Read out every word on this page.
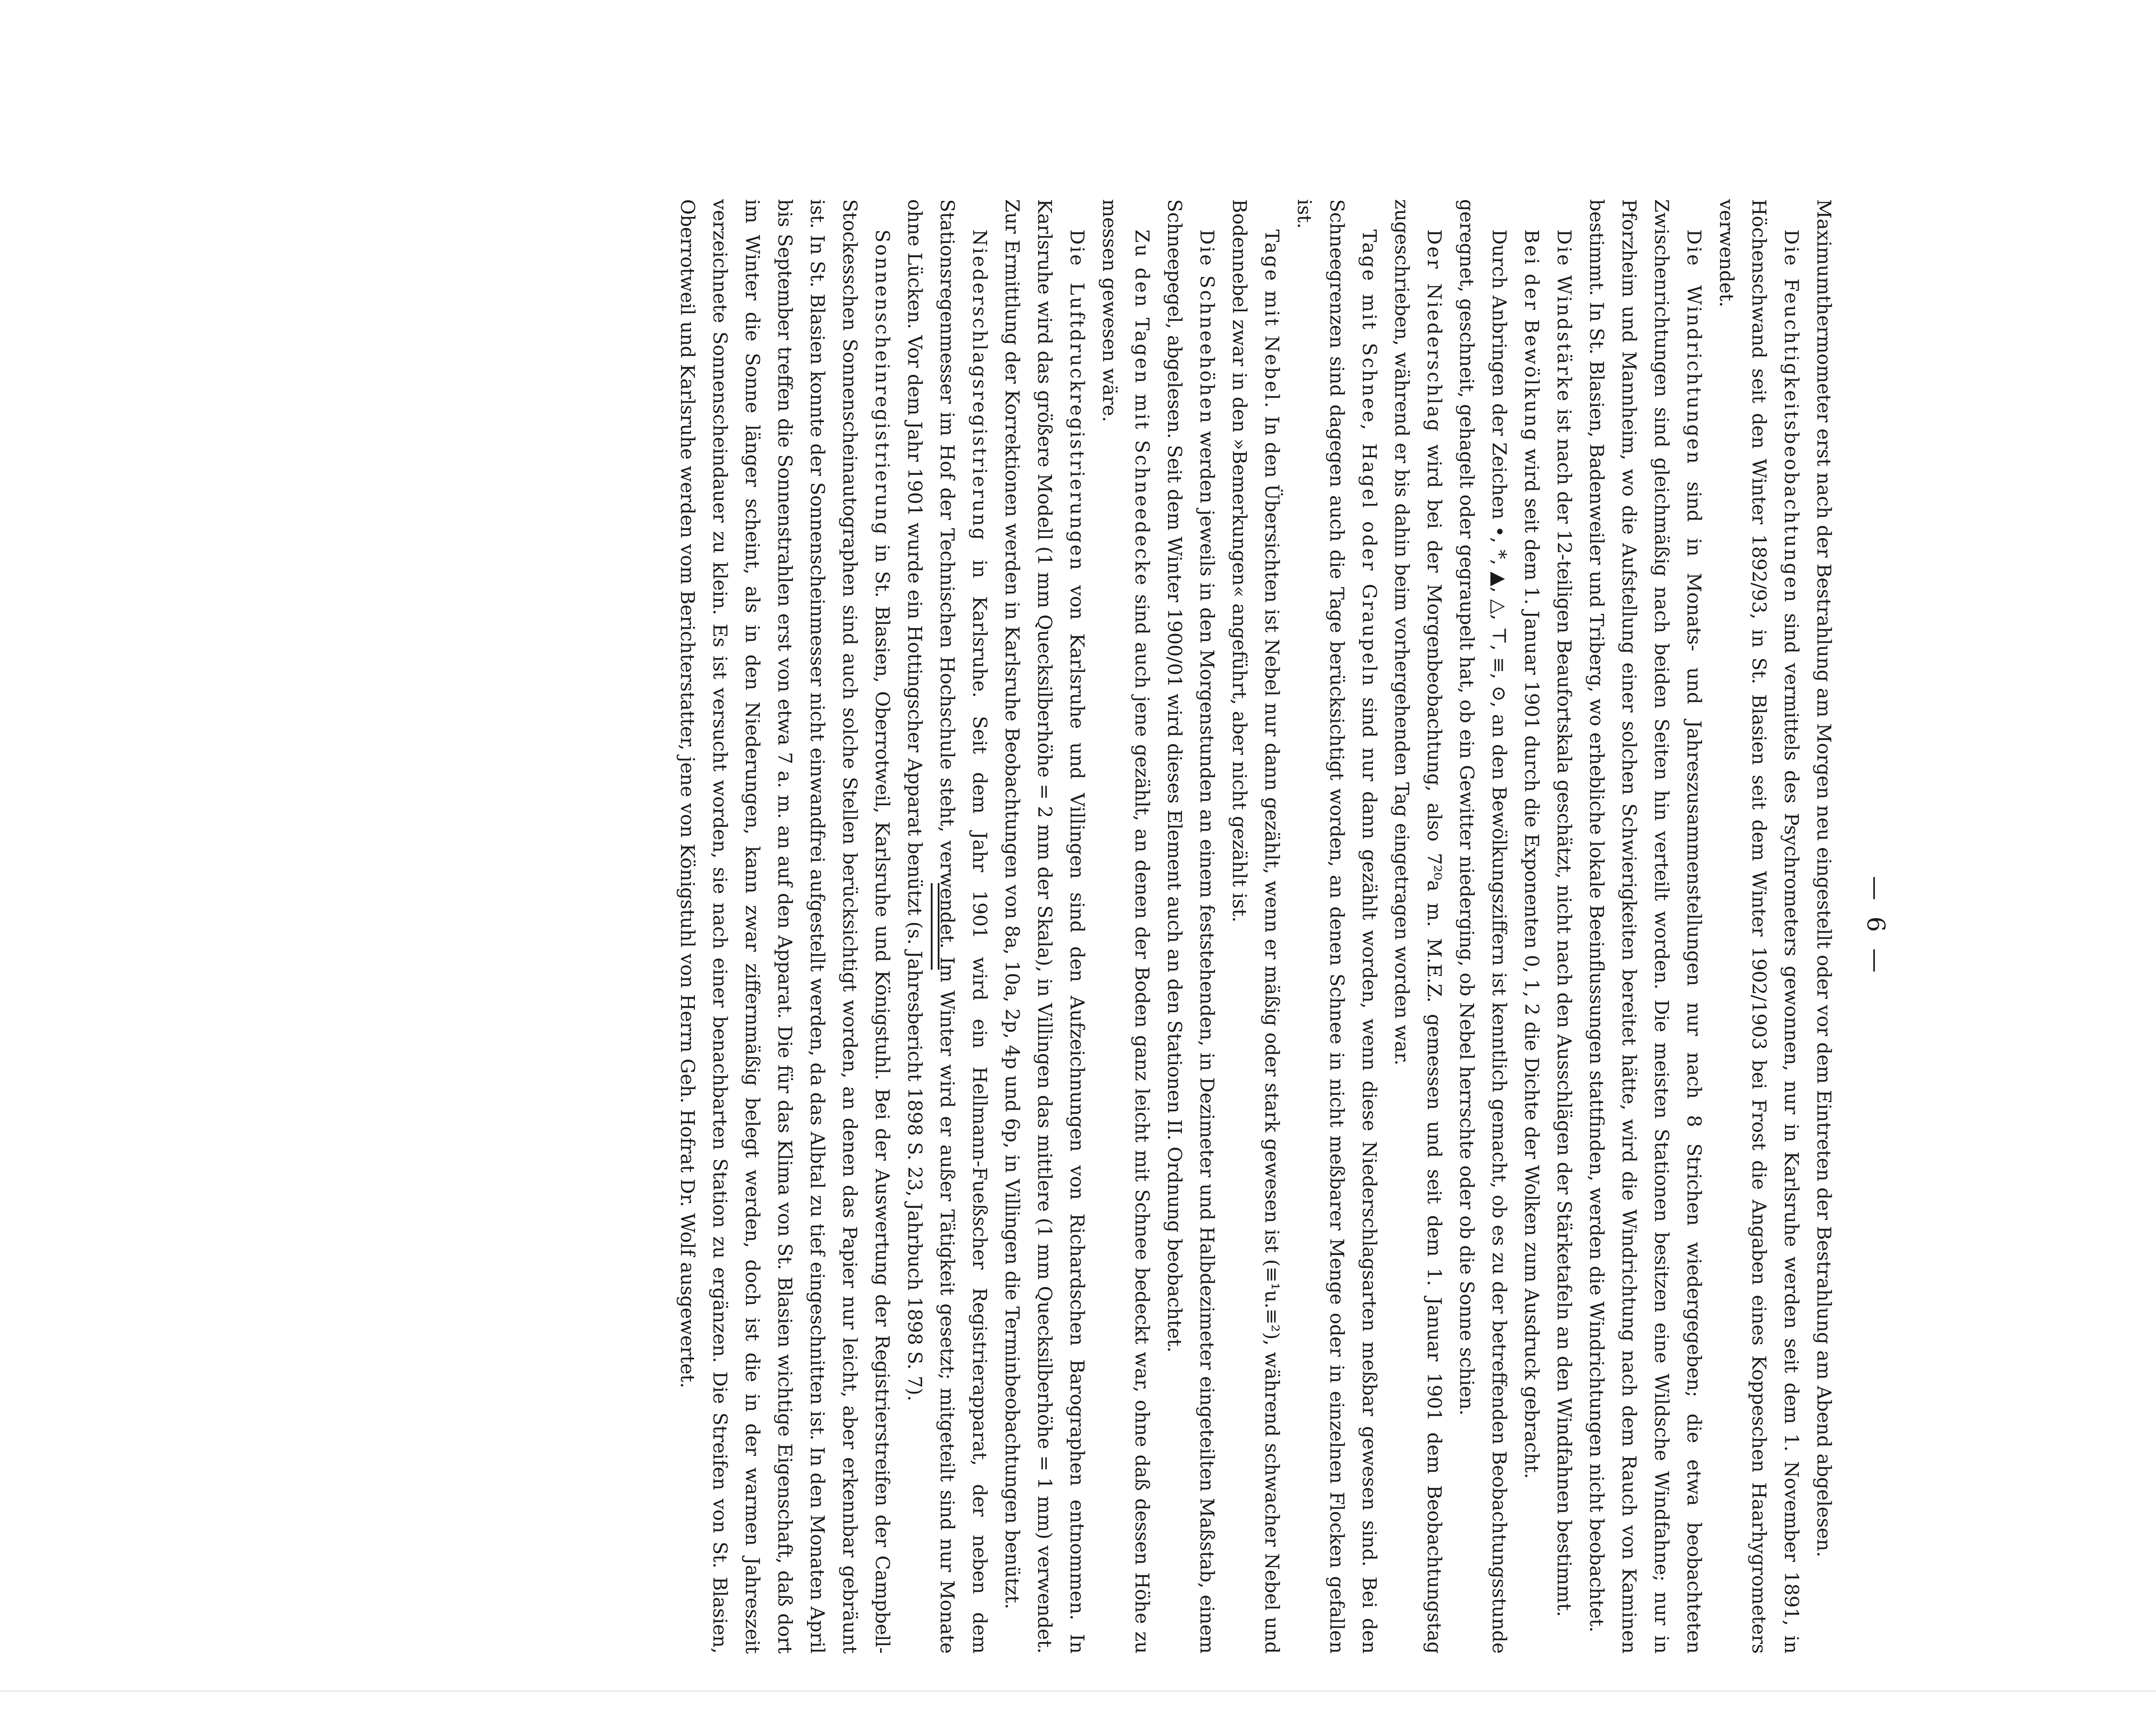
— 6 —

Maximumthermometer erst nach der Bestrahlung am Morgen neu eingestellt oder vor dem Eintreten der Bestrahlung am Abend abgelesen.

Die Feuchtigkeitsbeobachtungen sind vermittels des Psychrometers gewonnen, nur in Karlsruhe werden seit dem 1. November 1891, in Höchenschwand seit den Winter 1892/93, in St. Blasien seit dem Winter 1902/1903 bei Frost die Angaben eines Koppeschen Haarhygrometers verwendet.

Die Windrichtungen sind in Monats- und Jahreszusammenstellungen nur nach 8 Strichen wiedergegeben; die etwa beobachteten Zwischenrichtungen sind gleichmäßig nach beiden Seiten hin verteilt worden. Die meisten Stationen besitzen eine Wildsche Windfahne; nur in Pforzheim und Mannheim, wo die Aufstellung einer solchen Schwierigkeiten bereitet hätte, wird die Windrichtung nach dem Rauch von Kaminen bestimmt. In St. Blasien, Badenweiler und Triberg, wo erhebliche lokale Beeinflussungen stattfinden, werden die Windrichtungen nicht beobachtet.

Die Windstärke ist nach der 12-teiligen Beaufortskala geschätzt, nicht nach den Ausschlägen der Stärketafeln an den Windfahnen bestimmt.

Bei der Bewölkung wird seit dem 1. Januar 1901 durch die Exponenten 0, 1, 2 die Dichte der Wolken zum Ausdruck gebracht.

Durch Anbringen der Zeichen •, *, ▲, △, ⊤, ≡, ⊙, an den Bewölkungsziffern ist kenntlich gemacht, ob es zu der betreffenden Beobachtungsstunde geregnet, geschneit, gehagelt oder gegraupelt hat, ob ein Gewitter niederging, ob Nebel herrschte oder ob die Sonne schien.

Der Niederschlag wird bei der Morgenbeobachtung, also 7²⁰a m. M.E.Z. gemessen und seit dem 1. Januar 1901 dem Beobachtungstag zugeschrieben, während er bis dahin beim vorhergehenden Tag eingetragen worden war.

Tage mit Schnee, Hagel oder Graupeln sind nur dann gezählt worden, wenn diese Niederschlagsarten meßbar gewesen sind. Bei den Schneegrenzen sind dagegen auch die Tage berücksichtigt worden, an denen Schnee in nicht meßbarer Menge oder in einzelnen Flocken gefallen ist.

Tage mit Nebel. In den Übersichten ist Nebel nur dann gezählt, wenn er mäßig oder stark gewesen ist (≡¹u.≡²), während schwacher Nebel und Bodennebel zwar in den »Bemerkungen« angeführt, aber nicht gezählt ist.

Die Schneehöhen werden jeweils in den Morgenstunden an einem feststehenden, in Dezimeter und Halbdezimeter eingeteilten Maßstab, einem Schneepegel, abgelesen. Seit dem Winter 1900/01 wird dieses Element auch an den Stationen II. Ordnung beobachtet.

Zu den Tagen mit Schneedecke sind auch jene gezählt, an denen der Boden ganz leicht mit Schnee bedeckt war, ohne daß dessen Höhe zu messen gewesen wäre.

Die Luftdruckregistrierungen von Karlsruhe und Villingen sind den Aufzeichnungen von Richardschen Barographen entnommen. In Karlsruhe wird das größere Modell (1 mm Quecksilberhöhe = 2 mm der Skala), in Villingen das mittlere (1 mm Quecksilberhöhe = 1 mm) verwendet. Zur Ermittlung der Korrektionen werden in Karlsruhe Beobachtungen von 8a, 10a, 2p, 4p und 6p, in Villingen die Terminbeobachtungen benützt.

Niederschlagsregistrierung in Karlsruhe. Seit dem Jahr 1901 wird ein Hellmann-Fueßscher Registrierapparat, der neben dem Stationsregenmesser im Hof der Technischen Hochschule steht, verwendet. Im Winter wird er außer Tätigkeit gesetzt; mitgeteilt sind nur Monate ohne Lücken. Vor dem Jahr 1901 wurde ein Hottingscher Apparat benützt (s. Jahresbericht 1898 S. 23, Jahrbuch 1898 S. 7).

Sonnenscheinregistrierung in St. Blasien, Oberrotweil, Karlsruhe und Königstuhl. Bei der Auswertung der Registrierstreifen der Campbell-Stockesschen Sonnenscheinautographen sind auch solche Stellen berücksichtigt worden, an denen das Papier nur leicht, aber erkennbar gebräunt ist. In St. Blasien konnte der Sonnenscheinmesser nicht einwandfrei aufgestellt werden, da das Albtal zu tief eingeschnitten ist. In den Monaten April bis September treffen die Sonnenstrahlen erst von etwa 7 a. m. an auf den Apparat. Die für das Klima von St. Blasien wichtige Eigenschaft, daß dort im Winter die Sonne länger scheint, als in den Niederungen, kann zwar ziffernmäßig belegt werden, doch ist die in der warmen Jahreszeit verzeichnete Sonnenscheindauer zu klein. Es ist versucht worden, sie nach einer benachbarten Station zu ergänzen. Die Streifen von St. Blasien, Oberrotweil und Karlsruhe werden vom Berichterstatter, jene von Königstuhl von Herrn Geh. Hofrat Dr. Wolf ausgewertet.
